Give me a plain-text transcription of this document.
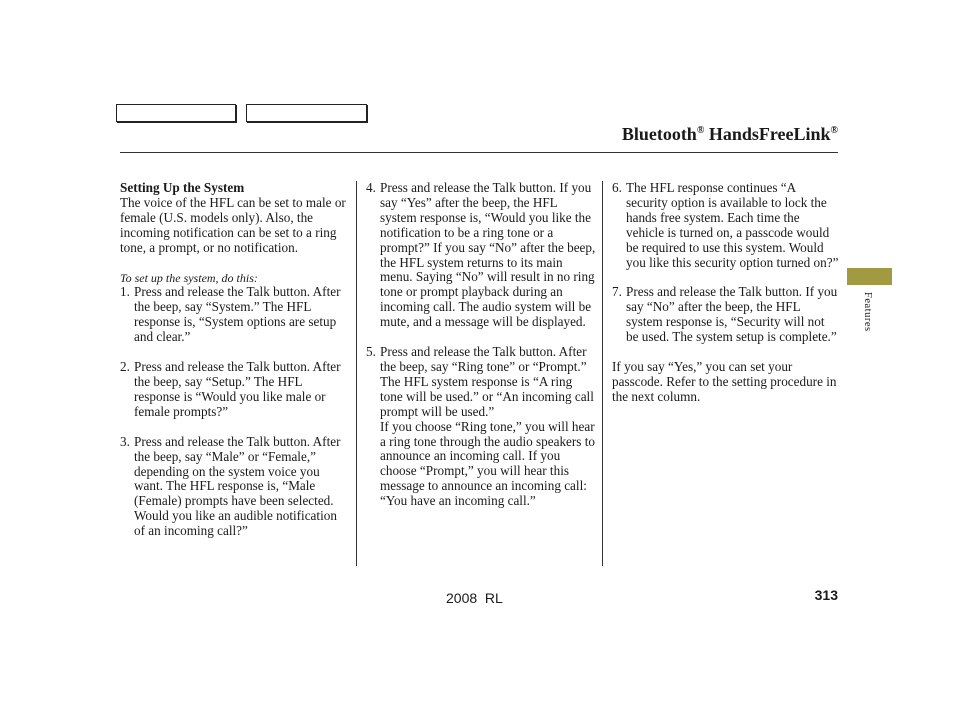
Bluetooth® HandsFreeLink®

Setting Up the System

The voice of the HFL can be set to male or female (U.S. models only). Also, the incoming notification can be set to a ring tone, a prompt, or no notification.

To set up the system, do this:

1. Press and release the Talk button. After the beep, say “System.” The HFL response is, “System options are setup and clear.”
2. Press and release the Talk button. After the beep, say “Setup.” The HFL response is “Would you like male or female prompts?”
3. Press and release the Talk button. After the beep, say “Male” or “Female,” depending on the system voice you want. The HFL response is, “Male (Female) prompts have been selected. Would you like an audible notification of an incoming call?”
4. Press and release the Talk button. If you say “Yes” after the beep, the HFL system response is, “Would you like the notification to be a ring tone or a prompt?” If you say “No” after the beep, the HFL system returns to its main menu. Saying “No” will result in no ring tone or prompt playback during an incoming call. The audio system will be mute, and a message will be displayed.
5. Press and release the Talk button. After the beep, say “Ring tone” or “Prompt.” The HFL system response is “A ring tone will be used.” or “An incoming call prompt will be used.”
If you choose “Ring tone,” you will hear a ring tone through the audio speakers to announce an incoming call. If you choose “Prompt,” you will hear this message to announce an incoming call: “You have an incoming call.”
6. The HFL response continues “A security option is available to lock the hands free system. Each time the vehicle is turned on, a passcode would be required to use this system. Would you like this security option turned on?”
7. Press and release the Talk button. If you say “No” after the beep, the HFL system response is, “Security will not be used. The system setup is complete.”

If you say “Yes,” you can set your passcode. Refer to the setting procedure in the next column.

Features
2008  RL	313
